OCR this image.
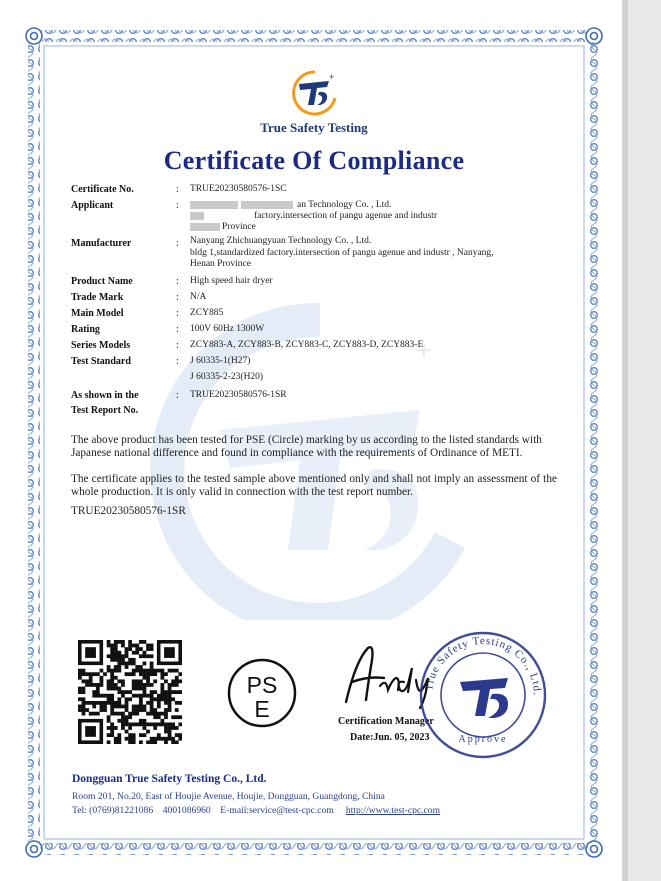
+
+
True Safety Testing
Certificate Of Compliance
Certificate No.	: TRUE20230580576-1SC
Applicant	:	an Technology Co. , Ltd.
factory.intersection of pangu agenue and industr
Province
Manufacturer	: Nanyang Zhichuangyuan Technology Co. , Ltd.
bldg 1,standardized factory.intersection of pangu agenue and industr , Nanyang,
Henan Province
Product Name	: High speed hair dryer
Trade Mark	: N/A
Main Model	: ZCY885
Rating	: 100V 60Hz 1300W
Series Models	: ZCY883-A, ZCY883-B, ZCY883-C, ZCY883-D, ZCY883-E
Test Standard	: J 60335-1(H27)
J 60335-2-23(H20)
As shown in the
Test Report No.
: TRUE20230580576-1SR
The above product has been tested for PSE (Circle) marking by us according to the listed standards with Japanese national difference and found in compliance with the requirements of Ordinance of METI.
The certificate applies to the tested sample above mentioned only and shall not imply an assessment of the whole production. It is only valid in connection with the test report number.
TRUE20230580576-1SR
PS
E	Certification Manager
Date:Jun. 05, 2023
True Safety Testing Co., Ltd.
Approve
Dongguan True Safety Testing Co., Ltd.
Room 201, No.20, East of Houjie Avenue, Houjie, Dongguan, Guangdong, China
Tel: (0769)81221086 4001086960 E-mail:service@test-cpc.com http://www.test-cpc.com
